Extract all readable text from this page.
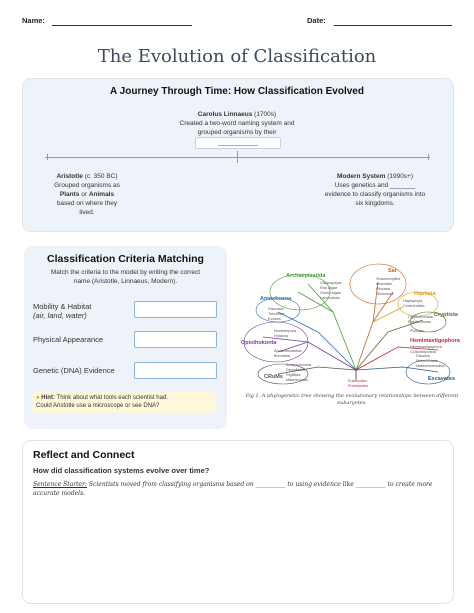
Name:	Date:
The Evolution of Classification
A Journey Through Time: How Classification Evolved
Carolus Linnaeus (1700s)
Created a two-word naming system and
grouped organisms by their
___________
Aristotle (c. 350 BC)
Grouped organisms as
Plants or Animals
based on where they
lived.
Modern System (1990s+)
Uses genetics and _______
evidence to classify organisms into
six kingdoms.
Classification Criteria Matching
Match the criteria to the model by writing the correct
name (Aristotle, Linnaeus, Modern).
Mobility & Habitat
(air, land, water)
Physical Appearance
Genetic (DNA) Evidence
● Hint: Think about what tools each scientist had.
Could Aristotle use a microscope or see DNA?
Archaeplastida
Sar
Haptista
Amoebozoa
Cryptista
Opisthokonta	Hemimastigophora
CRuMs	Excavates
Glaucophyta
Red algae
Green algae
Land plants
Stramenopiles
Alveolata
Rhizaria
Telonemia
Haptophyta
Centrohelida
Cryptomonads
Palpitomonas
Discosea
Tubulinea
Evosea
Nucletmycea
Holozoa
Apusomonadida
Breviatea
Ancyromonads
Diphylleida
Rigifilida
Mantamonas
Discoba
Metamonads
Malawimonadida
Picozoa
Hemimastigophora
Collodictyonida
Eukaryotes
Prokaryotes
Fig 1. A phylogenetic tree showing the evolutionary relationships between different
eukaryotes.
Reflect and Connect
How did classification systems evolve over time?
Sentence Starter: Scientists moved from classifying organisms based on __________ to using evidence like __________ to create more
accurate models.
